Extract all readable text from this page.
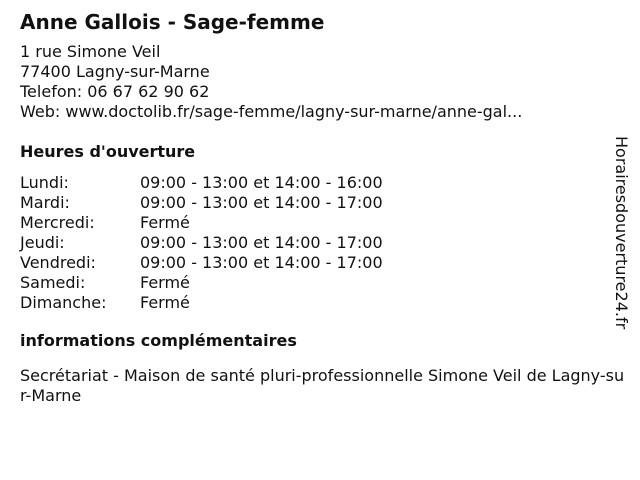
Anne Gallois - Sage-femme
1 rue Simone Veil
77400 Lagny-sur-Marne
Telefon: 06 67 62 90 62
Web: www.doctolib.fr/sage-femme/lagny-sur-marne/anne-gal...
Heures d'ouverture
Lundi:	09:00 - 13:00 et 14:00 - 16:00
Mardi:	09:00 - 13:00 et 14:00 - 17:00
Mercredi:	Fermé
Jeudi:	09:00 - 13:00 et 14:00 - 17:00
Vendredi:	09:00 - 13:00 et 14:00 - 17:00
Samedi:	Fermé
Dimanche:	Fermé
informations complémentaires
Secrétariat - Maison de santé pluri-professionnelle Simone Veil de Lagny-sur-Marne
Horairesdouverture24.fr
